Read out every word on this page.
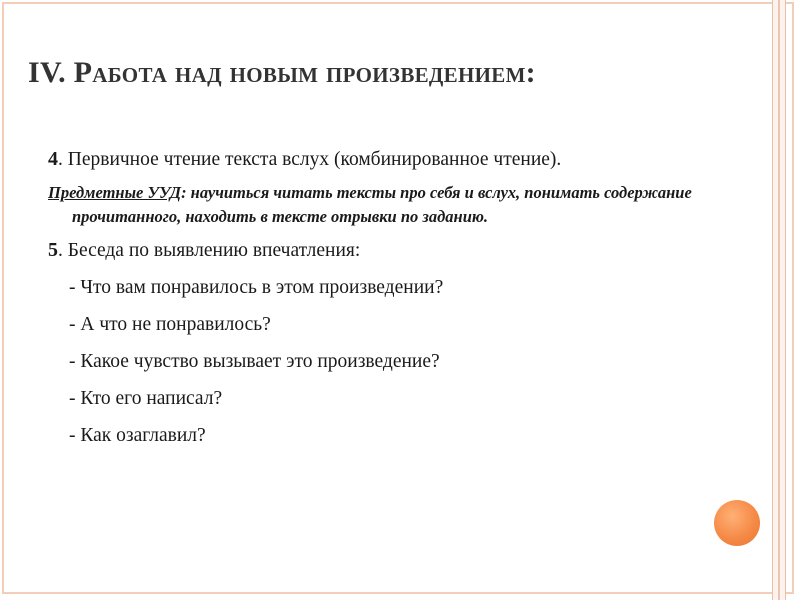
IV. Работа над новым произведением:

4. Первичное чтение текста вслух (комбинированное чтение).

Предметные УУД: научиться читать тексты про себя и вслух, понимать содержание прочитанного, находить в тексте отрывки по заданию.

5. Беседа по выявлению впечатления:

- Что вам понравилось в этом произведении?

- А что не понравилось?

- Какое чувство вызывает это произведение?

- Кто его написал?

- Как озаглавил?
